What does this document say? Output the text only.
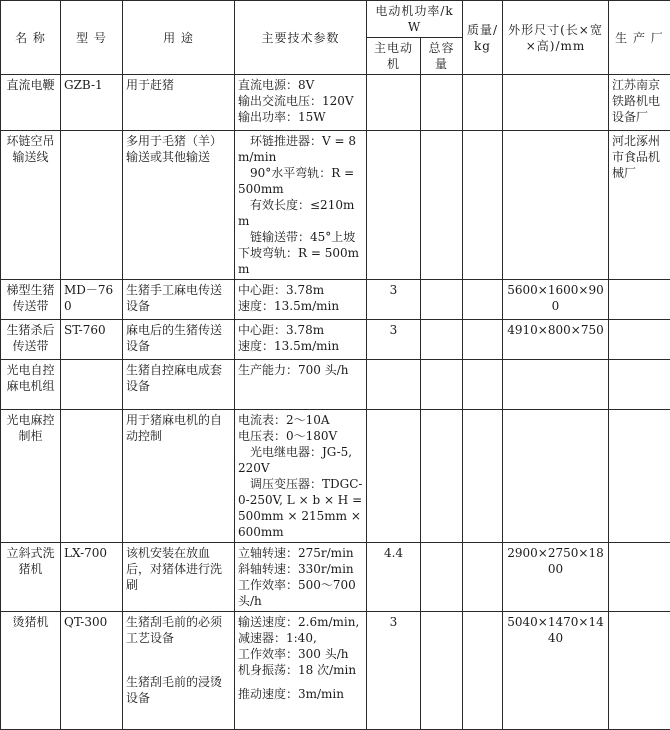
名 称	型 号	用 途	主要技术参数	电动机功率/kW		质量/kg	外形尺寸(长×宽×高)/mm	生 产 厂
				主电动机	总容量			
直流电鞭	GZB-1	用于赶猪	直流电源：8V
输出交流电压：120V
输出功率：15W					江苏南京铁路机电设备厂
环链空吊输送线		多用于毛猪（羊）输送或其他输送	环链推进器：V = 8 m/min
90°水平弯轨：R = 500mm
有效长度：≤210mm
链输送带：45°上坡下坡弯轨：R = 500mm					河北涿州市食品机械厂
梯型生猪传送带	MD－760	生猪手工麻电传送设备	中心距：3.78m
速度：13.5m/min	3			5600×1600×900	
生猪杀后传送带	ST-760	麻电后的生猪传送设备	中心距：3.78m
速度：13.5m/min	3			4910×800×750	
光电自控麻电机组		生猪自控麻电成套设备	生产能力：700 头/h					

光电麻控制柜		用于猪麻电机的自动控制	电流表：2～10A
电压表：0～180V
光电继电器：JG-5, 220V
调压变压器：TDGC-0-250V, L × b × H = 500mm × 215mm × 600mm					

立斜式洗猪机	LX-700	该机安装在放血后，对猪体进行洗刷	立轴转速：275r/min
斜轴转速：330r/min
工作效率：500～700 头/h	4.4			2900×2750×1800	
烫猪机	QT-300	生猪刮毛前的必须工艺设备
生猪刮毛前的浸烫设备	输送速度：2.6m/min,
减速器：1:40,
工作效率：300 头/h
机身振荡：18 次/min
推动速度：3m/min	3			5040×1470×1440	
